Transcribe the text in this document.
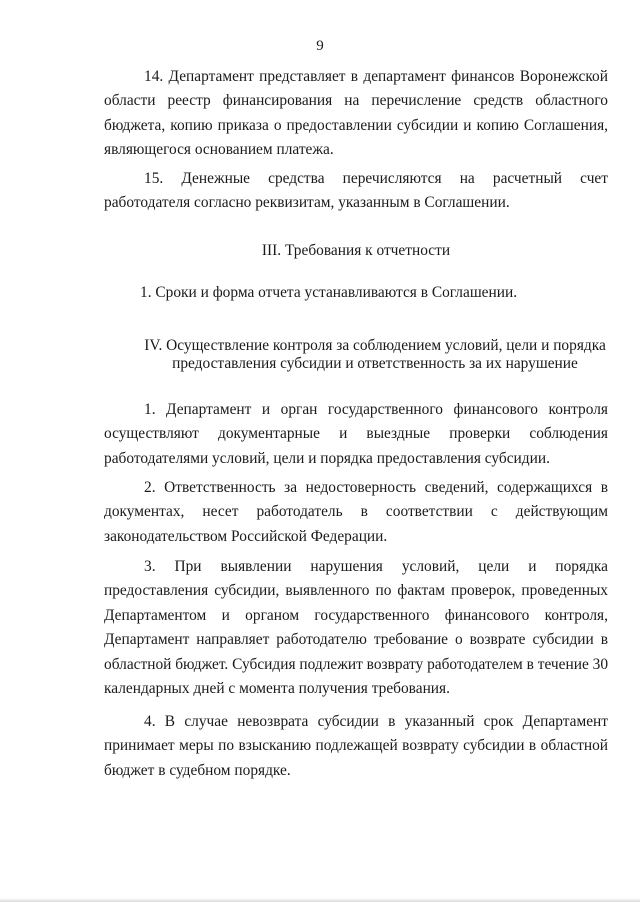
9

14. Департамент представляет в департамент финансов Воронежской области реестр финансирования на перечисление средств областного бюджета, копию приказа о предоставлении субсидии и копию Соглашения, являющегося основанием платежа.

15. Денежные средства перечисляются на расчетный счет работодателя согласно реквизитам, указанным в Соглашении.

III. Требования к отчетности
1. Сроки и форма отчета устанавливаются в Соглашении.
IV. Осуществление контроля за соблюдением условий, цели и порядка предоставления субсидии и ответственность за их нарушение

1. Департамент и орган государственного финансового контроля осуществляют документарные и выездные проверки соблюдения работодателями условий, цели и порядка предоставления субсидии.

2. Ответственность за недостоверность сведений, содержащихся в документах, несет работодатель в соответствии с действующим законодательством Российской Федерации.

3. При выявлении нарушения условий, цели и порядка предоставления субсидии, выявленного по фактам проверок, проведенных Департаментом и органом государственного финансового контроля, Департамент направляет работодателю требование о возврате субсидии в областной бюджет. Субсидия подлежит возврату работодателем в течение 30 календарных дней с момента получения требования.

4. В случае невозврата субсидии в указанный срок Департамент принимает меры по взысканию подлежащей возврату субсидии в областной бюджет в судебном порядке.
